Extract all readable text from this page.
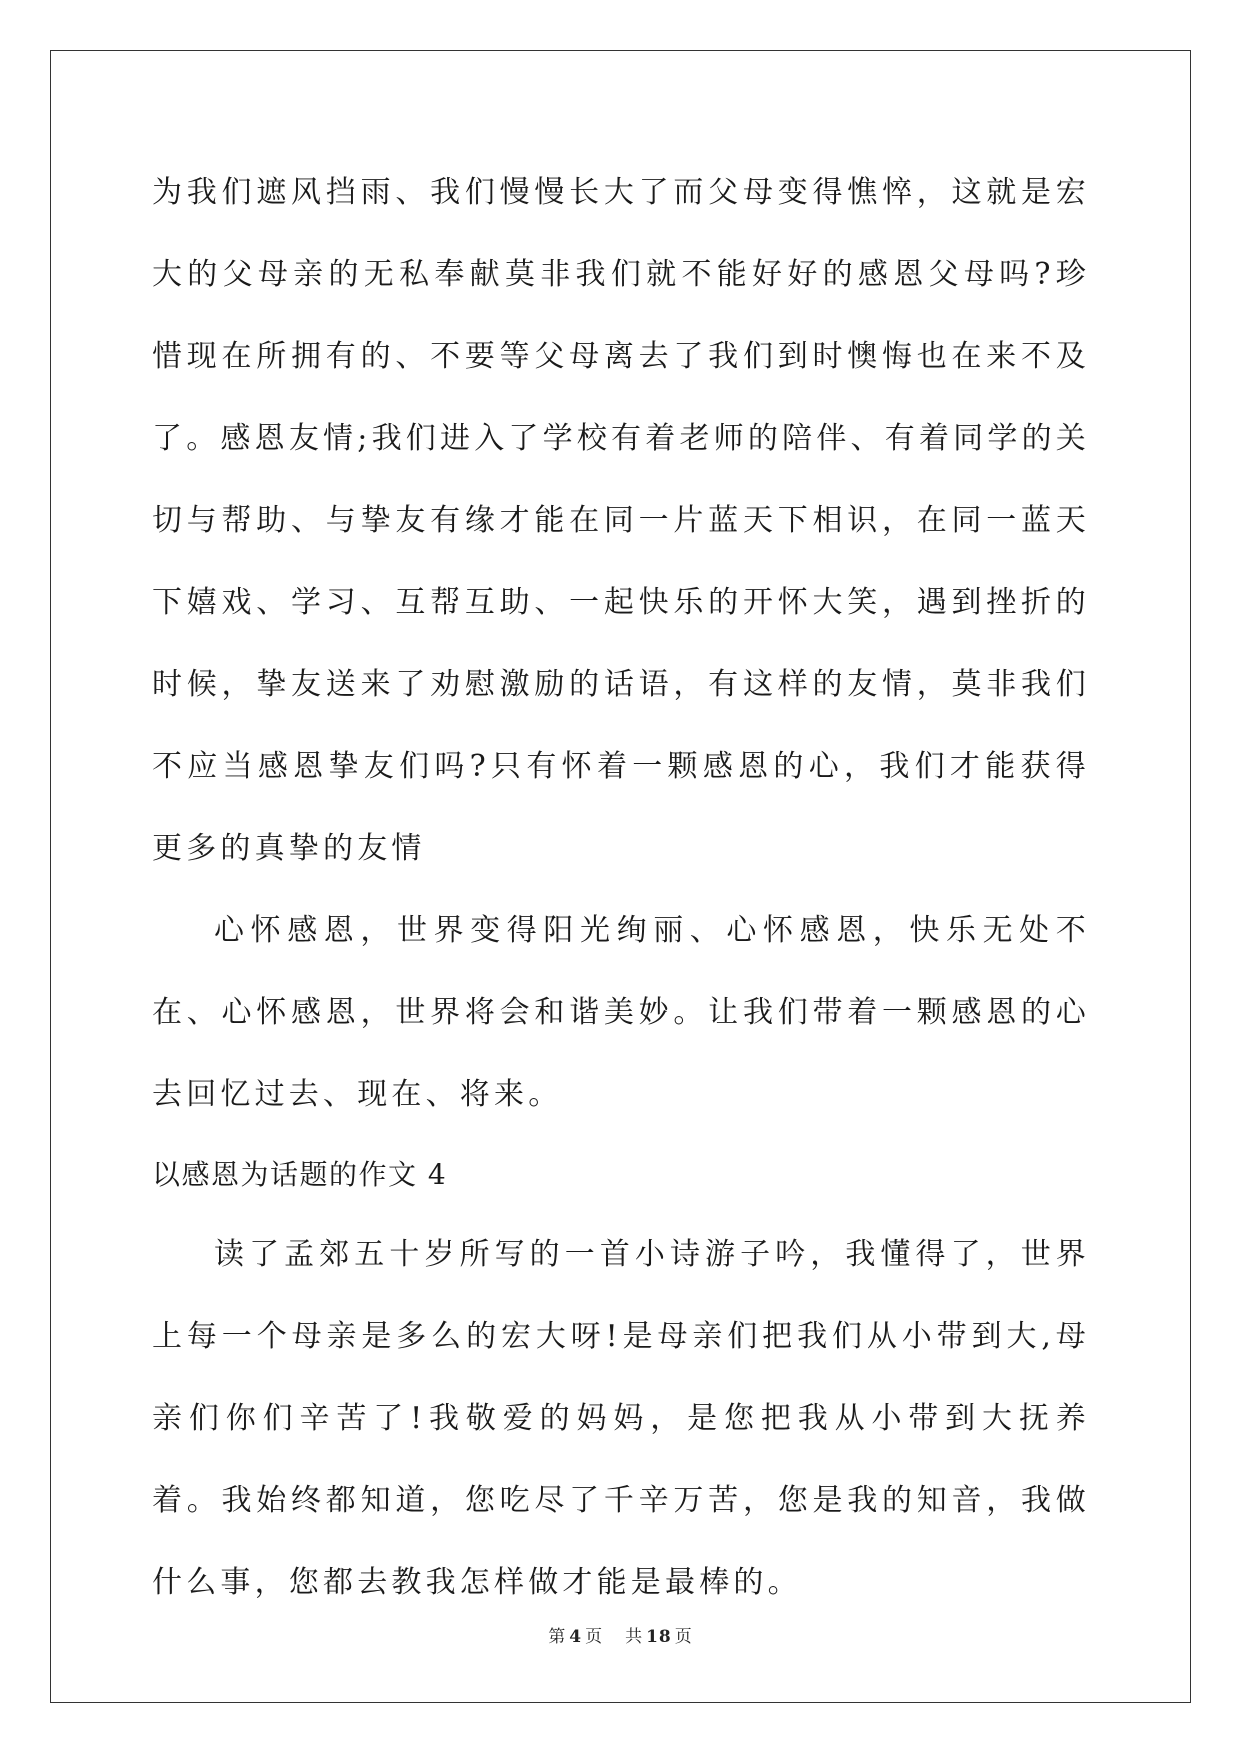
为我们遮风挡雨、我们慢慢长大了而父母变得憔悴，这就是宏大的父母亲的无私奉献莫非我们就不能好好的感恩父母吗?珍惜现在所拥有的、不要等父母离去了我们到时懊悔也在来不及了。感恩友情;我们进入了学校有着老师的陪伴、有着同学的关切与帮助、与挚友有缘才能在同一片蓝天下相识，在同一蓝天下嬉戏、学习、互帮互助、一起快乐的开怀大笑，遇到挫折的时候，挚友送来了劝慰激励的话语，有这样的友情，莫非我们不应当感恩挚友们吗?只有怀着一颗感恩的心，我们才能获得更多的真挚的友情

心怀感恩，世界变得阳光绚丽、心怀感恩，快乐无处不在、心怀感恩，世界将会和谐美妙。让我们带着一颗感恩的心去回忆过去、现在、将来。

以感恩为话题的作文 4

读了孟郊五十岁所写的一首小诗游子吟，我懂得了，世界上每一个母亲是多么的宏大呀!是母亲们把我们从小带到大,母亲们你们辛苦了!我敬爱的妈妈，是您把我从小带到大抚养着。我始终都知道，您吃尽了千辛万苦，您是我的知音，我做什么事，您都去教我怎样做才能是最棒的。

第 4 页 共 18 页
